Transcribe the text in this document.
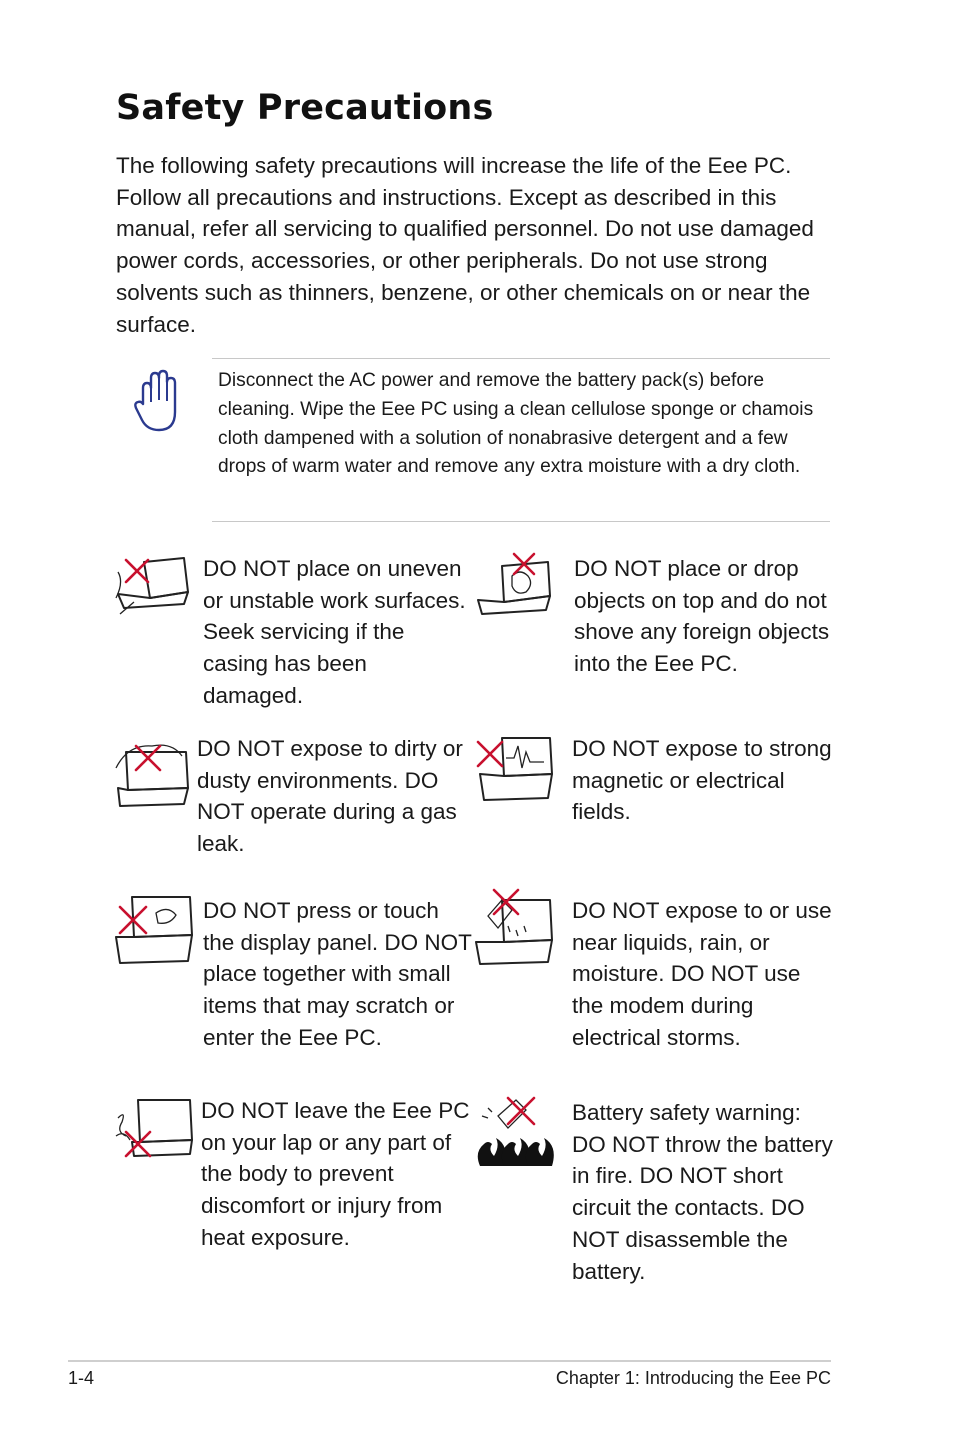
Safety Precautions

The following safety precautions will increase the life of the Eee PC. Follow all precautions and instructions. Except as described in this manual, refer all servicing to qualified personnel. Do not use damaged power cords, accessories, or other peripherals. Do not use strong solvents such as thinners, benzene, or other chemicals on or near the surface.

Disconnect the AC power and remove the battery pack(s) before cleaning. Wipe the Eee PC using a clean cellulose sponge or chamois cloth dampened with a solution of nonabrasive detergent and a few drops of warm water and remove any extra moisture with a dry cloth.

DO NOT place on uneven or unstable work surfaces. Seek servicing if the casing has been damaged.

DO NOT place or drop objects on top and do not shove any foreign objects into the Eee PC.

DO NOT expose to dirty or dusty environments. DO NOT operate during a gas leak.

DO NOT expose to strong magnetic or electrical fields.

DO NOT press or touch the display panel. DO NOT place together with small items that may scratch or enter the Eee PC.

DO NOT expose to or use near liquids, rain, or moisture. DO NOT use the modem during electrical storms.

DO NOT leave the Eee PC on your lap or any part of the body to prevent discomfort or injury from heat exposure.

Battery safety warning: DO NOT throw the battery in fire. DO NOT short circuit the contacts. DO NOT disassemble the battery.

1-4	Chapter 1: Introducing the Eee PC
